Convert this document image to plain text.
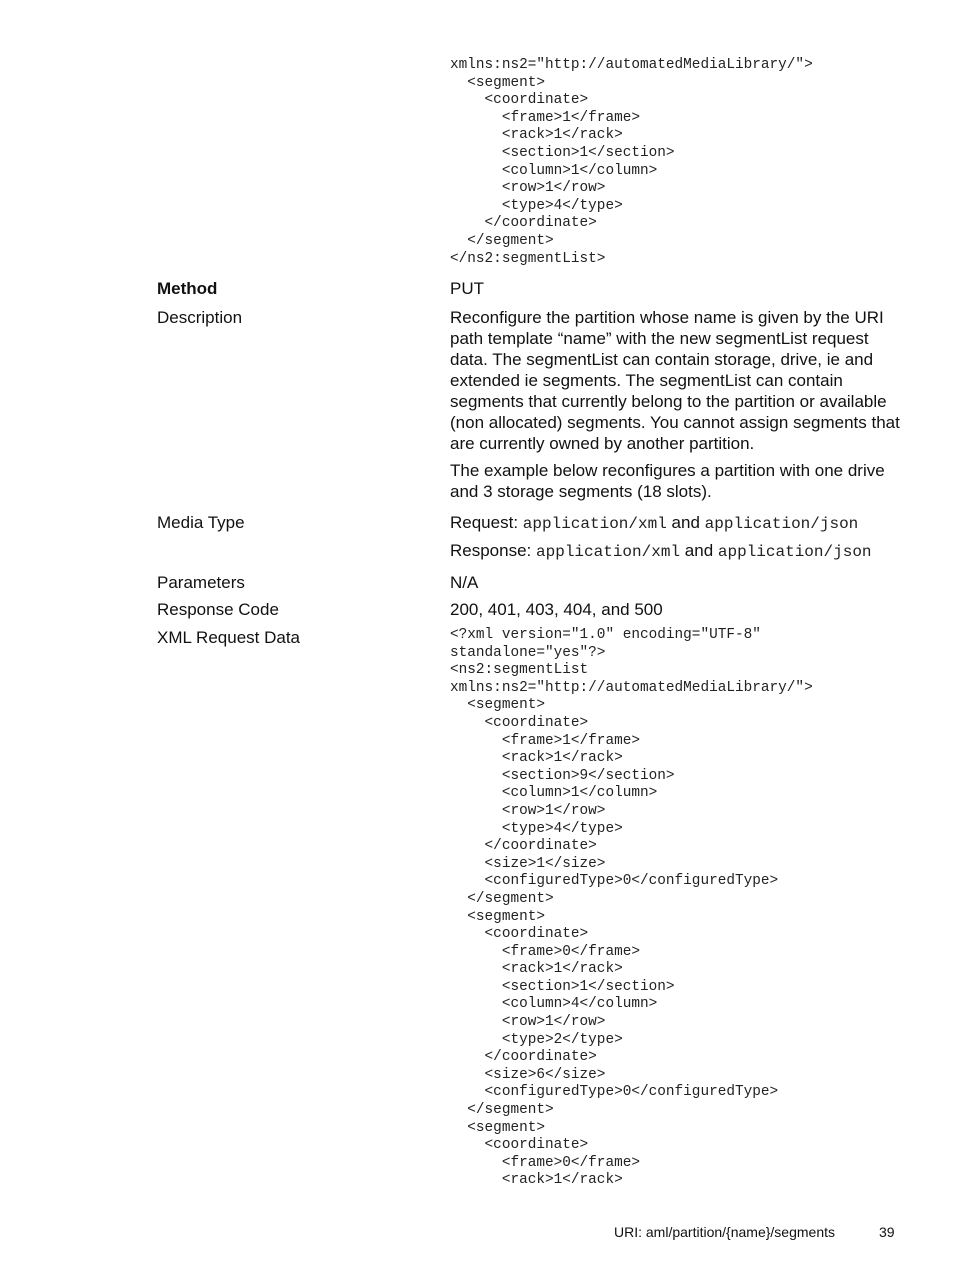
xmlns:ns2="http://automatedMediaLibrary/">
<segment>
<coordinate>
<frame>1</frame>
<rack>1</rack>
<section>1</section>
<column>1</column>
<row>1</row>
<type>4</type>
</coordinate>
</segment>
</ns2:segmentList>
Method	PUT
Description	Reconfigure the partition whose name is given by the URI path template “name” with the new segmentList request data. The segmentList can contain storage, drive, ie and extended ie segments. The segmentList can contain segments that currently belong to the partition or available (non allocated) segments. You cannot assign segments that are currently owned by another partition.

The example below reconfigures a partition with one drive and 3 storage segments (18 slots).

Media Type	Request: application/xml and application/json
Response: application/xml and application/json
Parameters	N/A
Response Code	200, 401, 403, 404, and 500
XML Request Data	<?xml version="1.0" encoding="UTF-8"
standalone="yes"?>
<ns2:segmentList
xmlns:ns2="http://automatedMediaLibrary/">
<segment>
<coordinate>
<frame>1</frame>
<rack>1</rack>
<section>9</section>
<column>1</column>
<row>1</row>
<type>4</type>
</coordinate>
<size>1</size>
<configuredType>0</configuredType>
</segment>
<segment>
<coordinate>
<frame>0</frame>
<rack>1</rack>
<section>1</section>
<column>4</column>
<row>1</row>
<type>2</type>
</coordinate>
<size>6</size>
<configuredType>0</configuredType>
</segment>
<segment>
<coordinate>
<frame>0</frame>
<rack>1</rack>
URI: aml/partition/{name}/segments	39
